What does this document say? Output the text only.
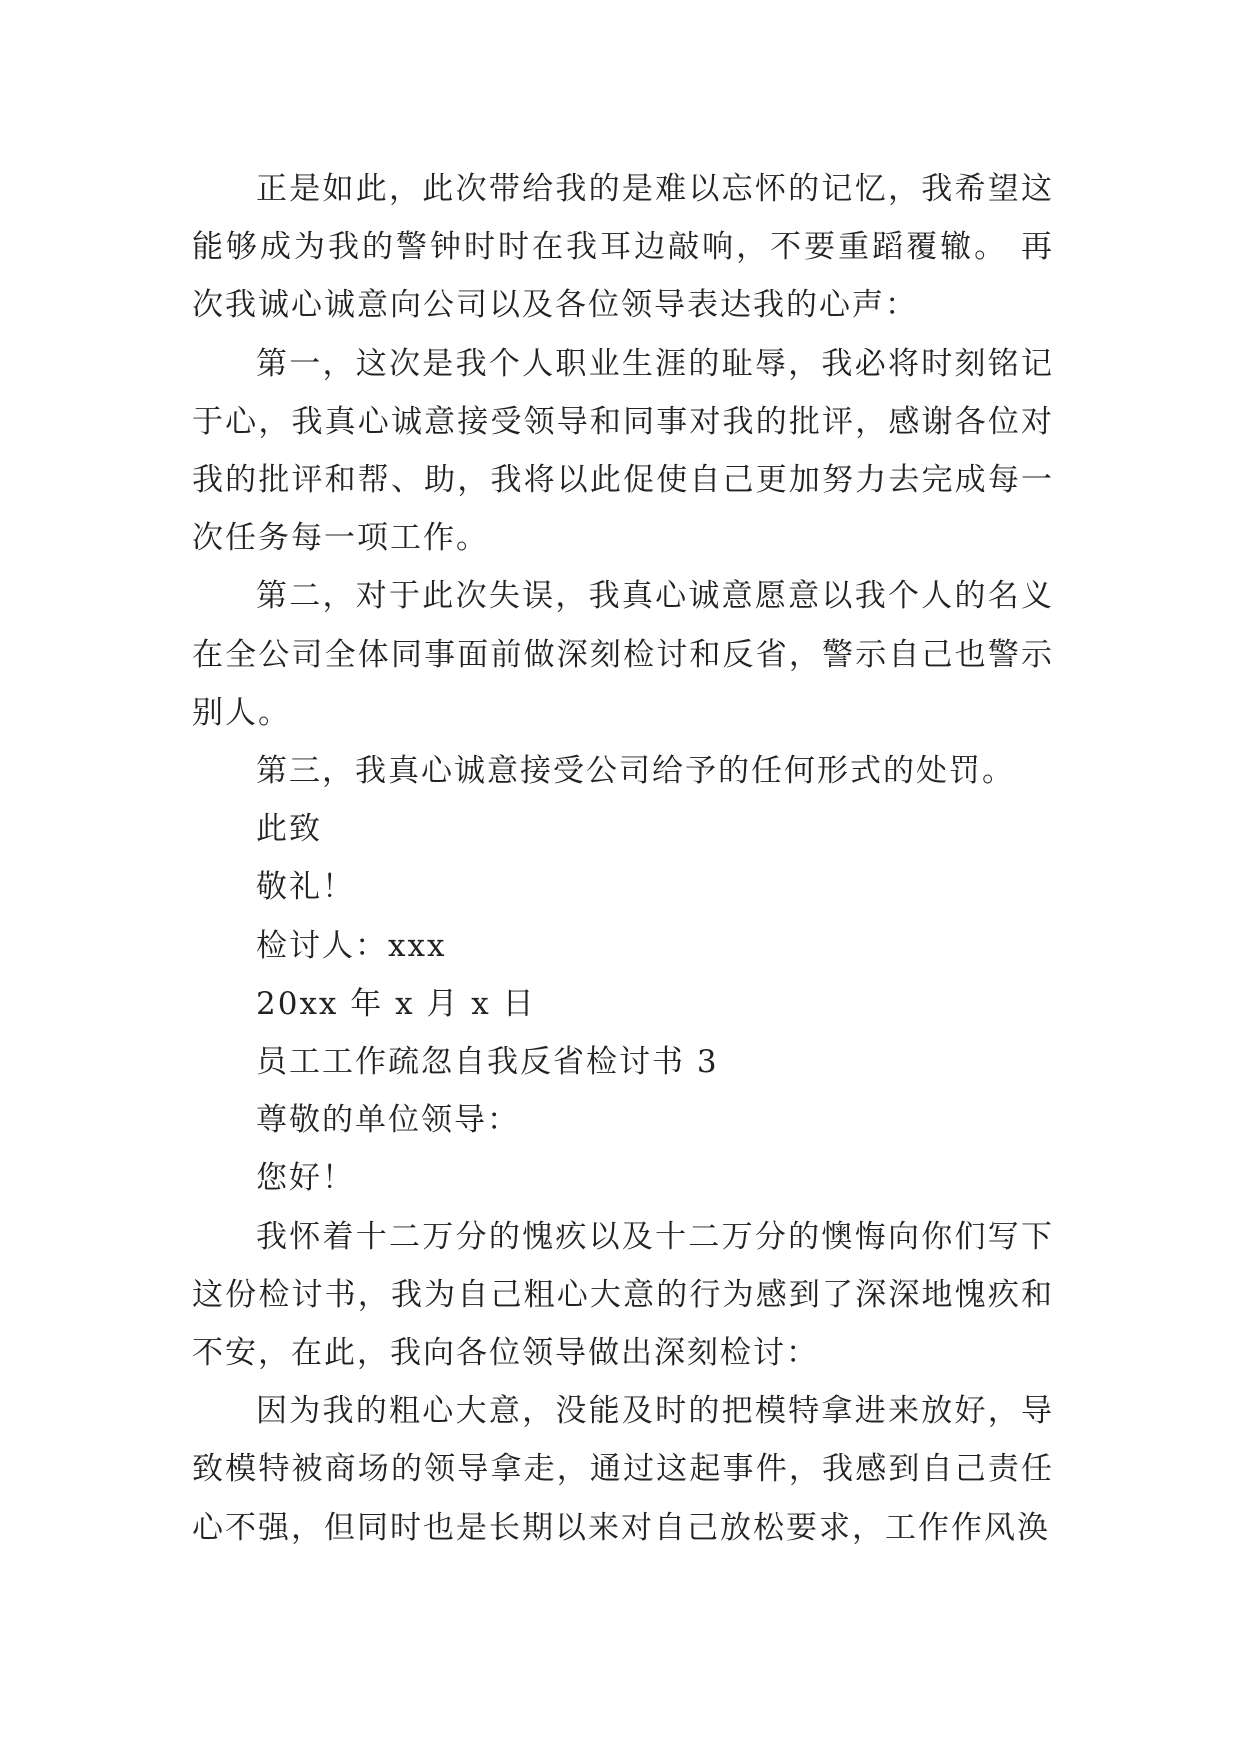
正是如此，此次带给我的是难以忘怀的记忆，我希望这能够成为我的警钟时时在我耳边敲响，不要重蹈覆辙。 再次我诚心诚意向公司以及各位领导表达我的心声：

第一，这次是我个人职业生涯的耻辱，我必将时刻铭记于心，我真心诚意接受领导和同事对我的批评，感谢各位对我的批评和帮、助，我将以此促使自己更加努力去完成每一次任务每一项工作。

第二，对于此次失误，我真心诚意愿意以我个人的名义在全公司全体同事面前做深刻检讨和反省，警示自己也警示别人。

第三，我真心诚意接受公司给予的任何形式的处罚。

此致

敬礼！

检讨人：xxx

20xx 年 x 月 x 日

员工工作疏忽自我反省检讨书 3

尊敬的单位领导：

您好！

我怀着十二万分的愧疚以及十二万分的懊悔向你们写下这份检讨书，我为自己粗心大意的行为感到了深深地愧疚和不安，在此，我向各位领导做出深刻检讨：

因为我的粗心大意，没能及时的把模特拿进来放好，导致模特被商场的领导拿走，通过这起事件，我感到自己责任心不强，但同时也是长期以来对自己放松要求，工作作风涣
